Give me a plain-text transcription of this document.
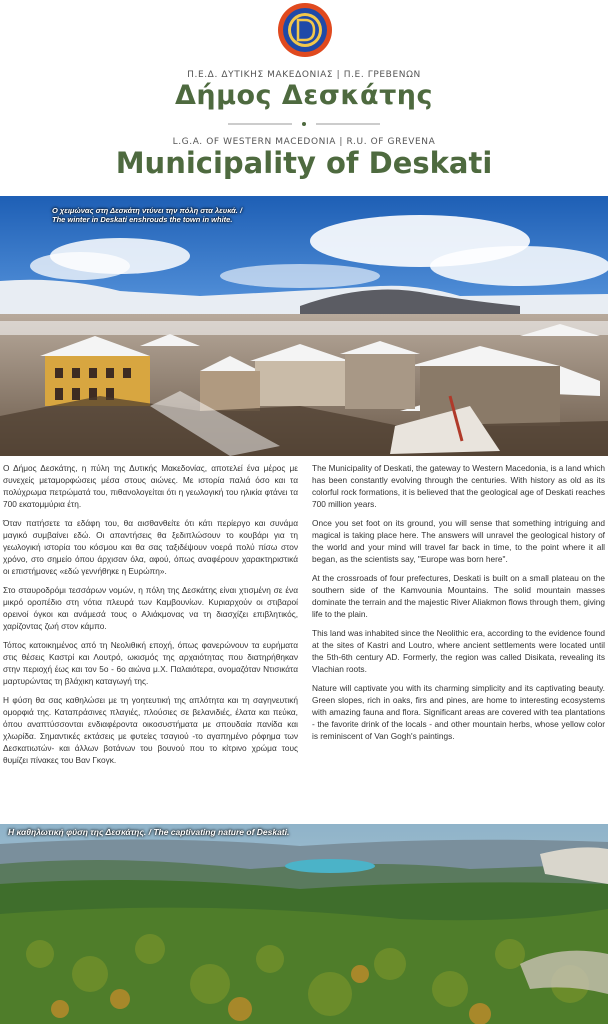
Π.Ε.Δ. ΔΥΤΙΚΗΣ ΜΑΚΕΔΟΝΙΑΣ | Π.Ε. ΓΡΕΒΕΝΩΝ
Δήμος Δεσκάτης
L.G.A. OF WESTERN MACEDONIA | R.U. OF GREVENA
Municipality of Deskati
Ο χειμώνας στη Δεσκάτη ντύνει την πόλη στα λευκά. /
The winter in Deskati enshrouds the town in white.

Ο Δήμος Δεσκάτης, η πύλη της Δυτικής Μακεδονίας, αποτελεί ένα μέρος με συνεχείς μεταμορφώσεις μέσα στους αιώνες. Με ιστορία παλιά όσο και τα πολύχρωμα πετρώματά του, πιθανολογείται ότι η γεωλογική του ηλικία φτάνει τα 700 εκατομμύρια έτη.

Όταν πατήσετε τα εδάφη του, θα αισθανθείτε ότι κάτι περίεργο και συνάμα μαγικό συμβαίνει εδώ. Οι απαντήσεις θα ξεδιπλώσουν το κουβάρι για τη γεωλογική ιστορία του κόσμου και θα σας ταξιδέψουν νοερά πολύ πίσω στον χρόνο, στο σημείο όπου άρχισαν όλα, αφού, όπως αναφέρουν χαρακτηριστικά οι επιστήμονες «εδώ γεννήθηκε η Ευρώπη».

Στο σταυροδρόμι τεσσάρων νομών, η πόλη της Δεσκάτης είναι χτισμένη σε ένα μικρό οροπέδιο στη νότια πλευρά των Καμβουνίων. Κυριαρχούν οι στιβαροί ορεινοί όγκοι και ανάμεσά τους ο Αλιάκμονας να τη διασχίζει επιβλητικός, χαρίζοντας ζωή στον κάμπο.

Τόπος κατοικημένος από τη Νεολιθική εποχή, όπως φανερώνουν τα ευρήματα στις θέσεις Καστρί και Λουτρό, ωκισμός της αρχαιότητας που διατηρήθηκαν στην περιοχή έως και τον 5ο - 6ο αιώνα μ.Χ. Παλαιότερα, ονομαζόταν Ντισικάτα μαρτυρώντας τη βλάχικη καταγωγή της.

Η φύση θα σας καθηλώσει με τη γοητευτική της απλότητα και τη σαγηνευτική ομορφιά της. Καταπράσινες πλαγιές, πλούσιες σε βελανιδιές, έλατα και πεύκα, όπου αναπτύσσονται ενδιαφέροντα οικοσυστήματα με σπουδαία πανίδα και χλωρίδα. Σημαντικές εκτάσεις με φυτείες τσαγιού -το αγαπημένο ρόφημα των Δεσκατιωτών- και άλλων βοτάνων του βουνού που το κίτρινο χρώμα τους θυμίζει πίνακες του Βαν Γκογκ.

The Municipality of Deskati, the gateway to Western Macedonia, is a land which has been constantly evolving through the centuries. With history as old as its colorful rock formations, it is believed that the geological age of Deskati reaches 700 million years.

Once you set foot on its ground, you will sense that something intriguing and magical is taking place here. The answers will unravel the geological history of the world and your mind will travel far back in time, to the point where it all began, as the scientists say, "Europe was born here".

At the crossroads of four prefectures, Deskati is built on a small plateau on the southern side of the Kamvounia Mountains. The solid mountain masses dominate the terrain and the majestic River Aliakmon flows through them, giving life to the plain.

This land was inhabited since the Neolithic era, according to the evidence found at the sites of Kastri and Loutro, where ancient settlements were located until the 5th-6th century AD. Formerly, the region was called Disikata, revealing its Vlachian roots.

Nature will captivate you with its charming simplicity and its captivating beauty. Green slopes, rich in oaks, firs and pines, are home to interesting ecosystems with amazing fauna and flora. Significant areas are covered with tea plantations - the favorite drink of the locals - and other mountain herbs, whose yellow color is reminiscent of Van Gogh's paintings.

Η καθηλωτική φύση της Δεσκάτης. / The captivating nature of Deskati.
